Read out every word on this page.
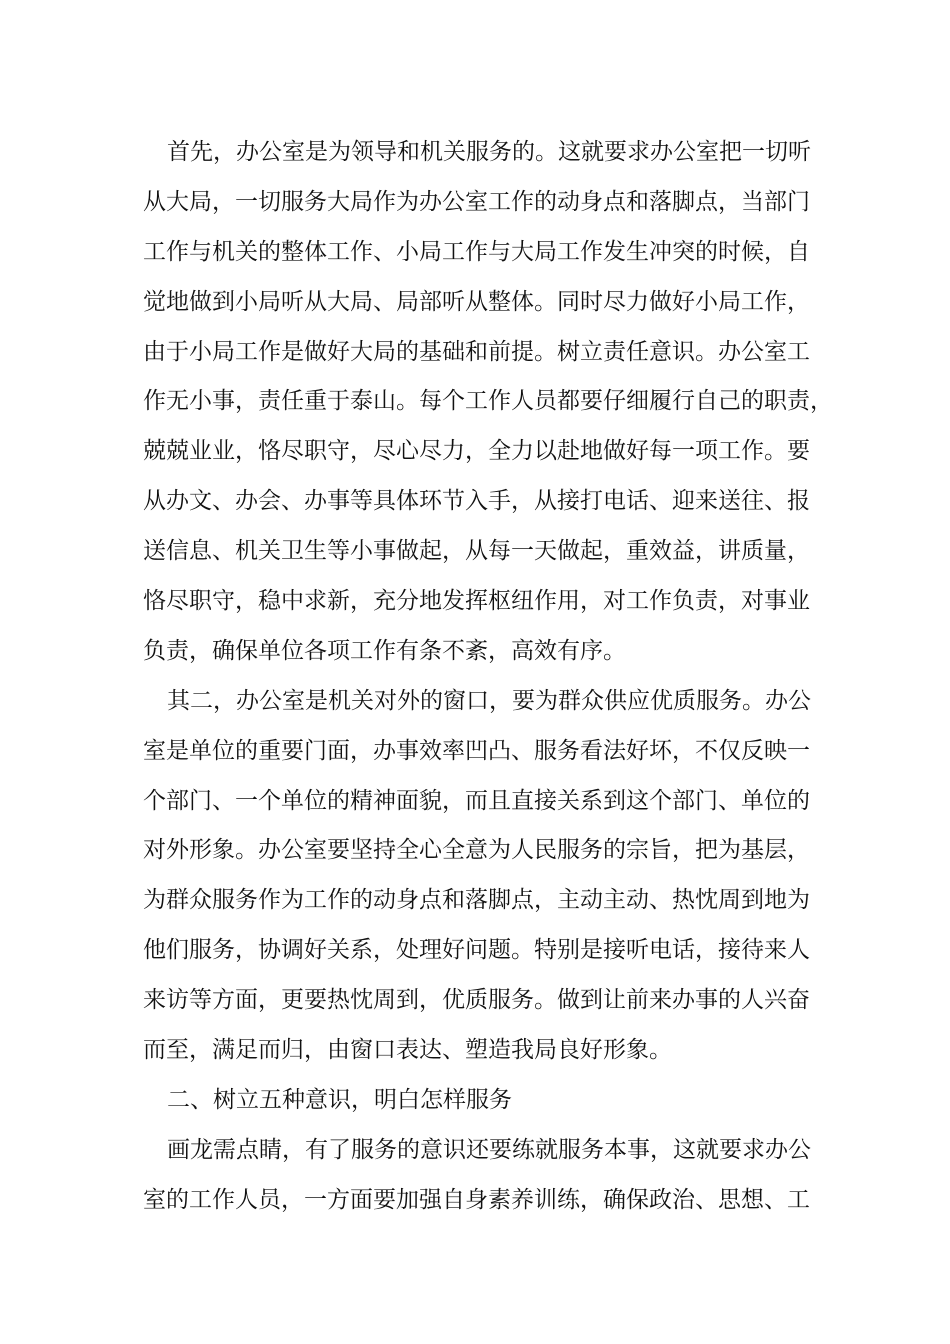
首先，办公室是为领导和机关服务的。这就要求办公室把一切听
从大局，一切服务大局作为办公室工作的动身点和落脚点，当部门
工作与机关的整体工作、小局工作与大局工作发生冲突的时候，自
觉地做到小局听从大局、局部听从整体。同时尽力做好小局工作，
由于小局工作是做好大局的基础和前提。树立责任意识。办公室工
作无小事，责任重于泰山。每个工作人员都要仔细履行自己的职责，
兢兢业业，恪尽职守，尽心尽力，全力以赴地做好每一项工作。要
从办文、办会、办事等具体环节入手，从接打电话、迎来送往、报
送信息、机关卫生等小事做起，从每一天做起，重效益，讲质量，
恪尽职守，稳中求新，充分地发挥枢纽作用，对工作负责，对事业
负责，确保单位各项工作有条不紊，高效有序。
其二，办公室是机关对外的窗口，要为群众供应优质服务。办公
室是单位的重要门面，办事效率凹凸、服务看法好坏，不仅反映一
个部门、一个单位的精神面貌，而且直接关系到这个部门、单位的
对外形象。办公室要坚持全心全意为人民服务的宗旨，把为基层，
为群众服务作为工作的动身点和落脚点，主动主动、热忱周到地为
他们服务，协调好关系，处理好问题。特别是接听电话，接待来人
来访等方面，更要热忱周到，优质服务。做到让前来办事的人兴奋
而至，满足而归，由窗口表达、塑造我局良好形象。
二、树立五种意识，明白怎样服务
画龙需点睛，有了服务的意识还要练就服务本事，这就要求办公
室的工作人员，一方面要加强自身素养训练，确保政治、思想、工
